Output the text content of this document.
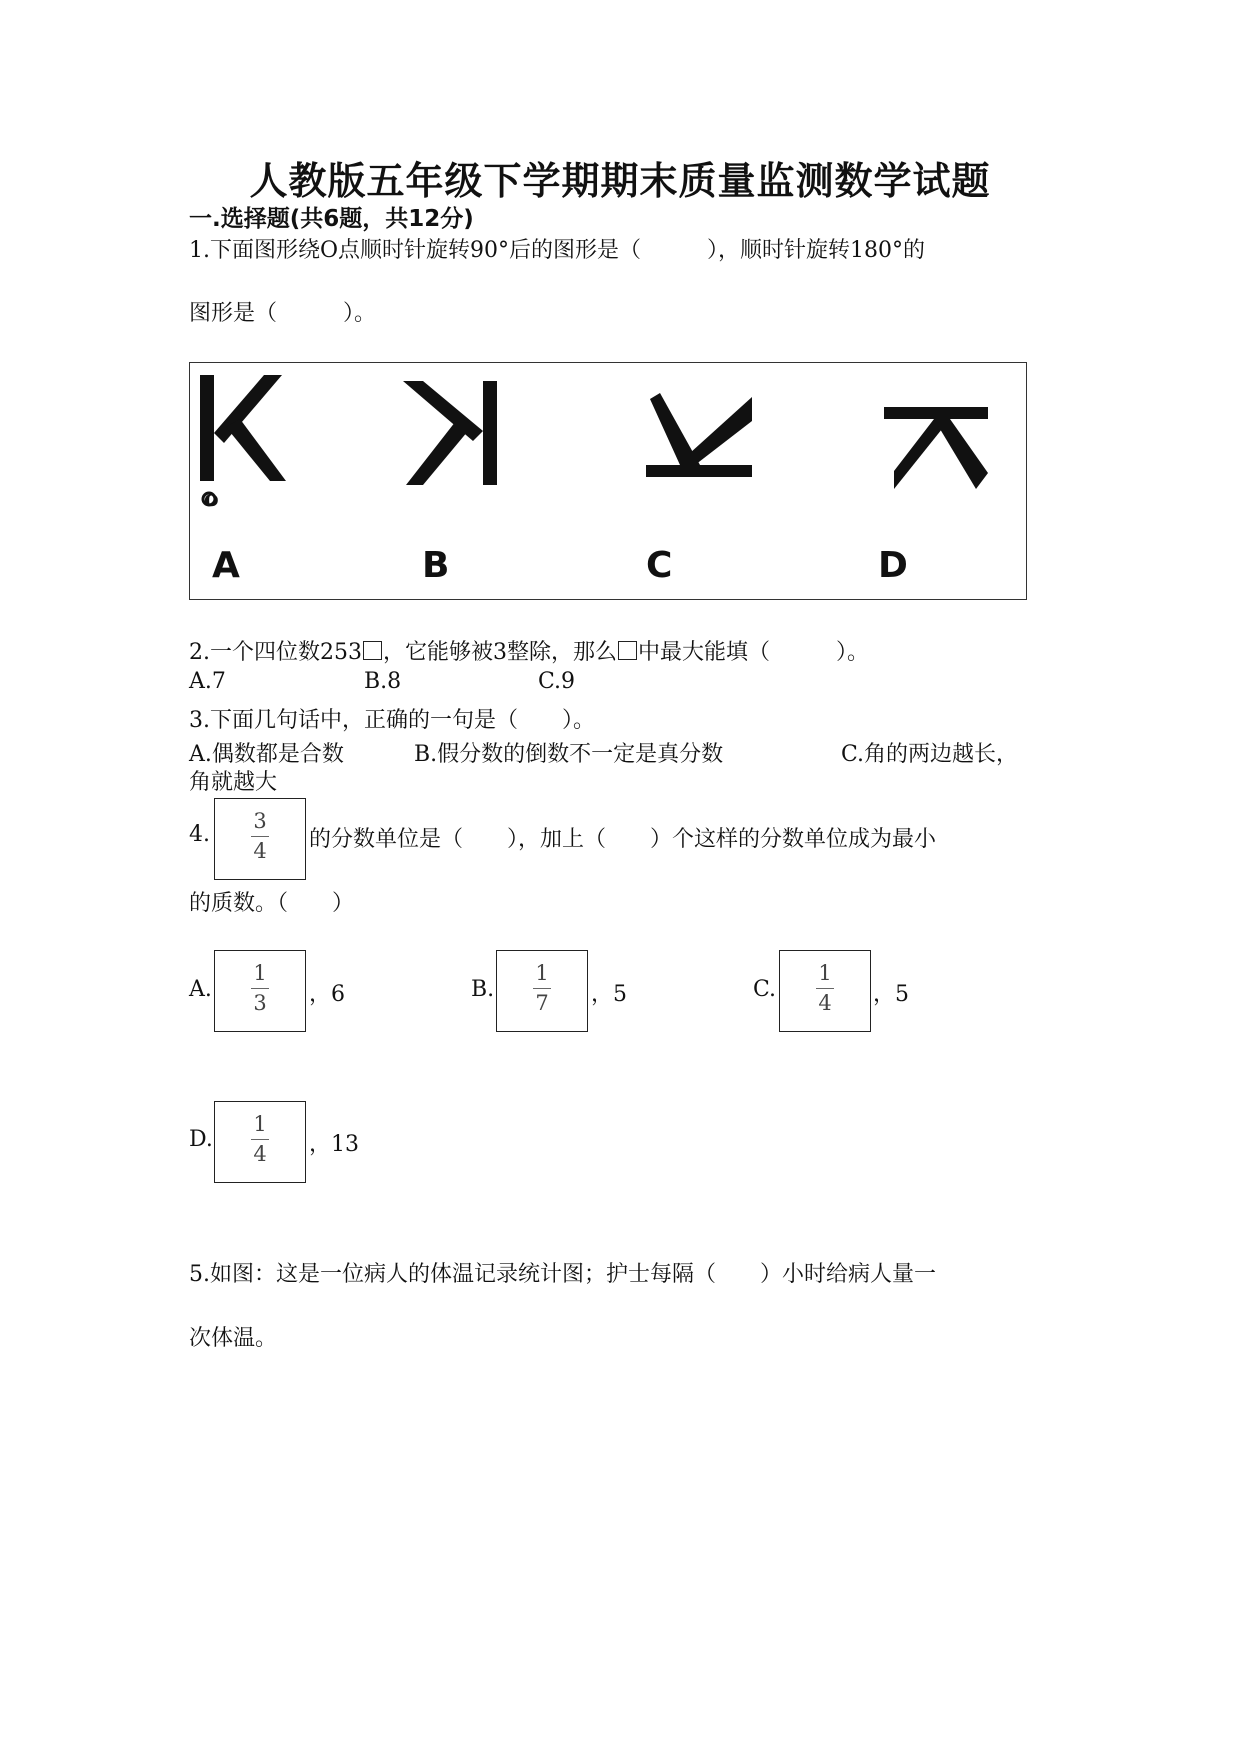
人教版五年级下学期期末质量监测数学试题
一.选择题(共6题，共12分)
1.下面图形绕O点顺时针旋转90°后的图形是（　　　），顺时针旋转180°的
图形是（　　　）。
A	B	C	D
2.一个四位数253 ，它能够被3整除，那么 中最大能填（　　　）。
A.7	B.8	C.9
3.下面几句话中，正确的一句是（　　）。
A.偶数都是合数	B.假分数的倒数不一定是真分数	C.角的两边越长，
角就越大
4.
3
4	的分数单位是（　　），加上（　　）个这样的分数单位成为最小
的质数。（　　）
A.
1
3	，6	B.
1
7	，5	C.
1
4	，5
D.
1
4	，13
5.如图：这是一位病人的体温记录统计图；护士每隔（　　）小时给病人量一
次体温。
o
